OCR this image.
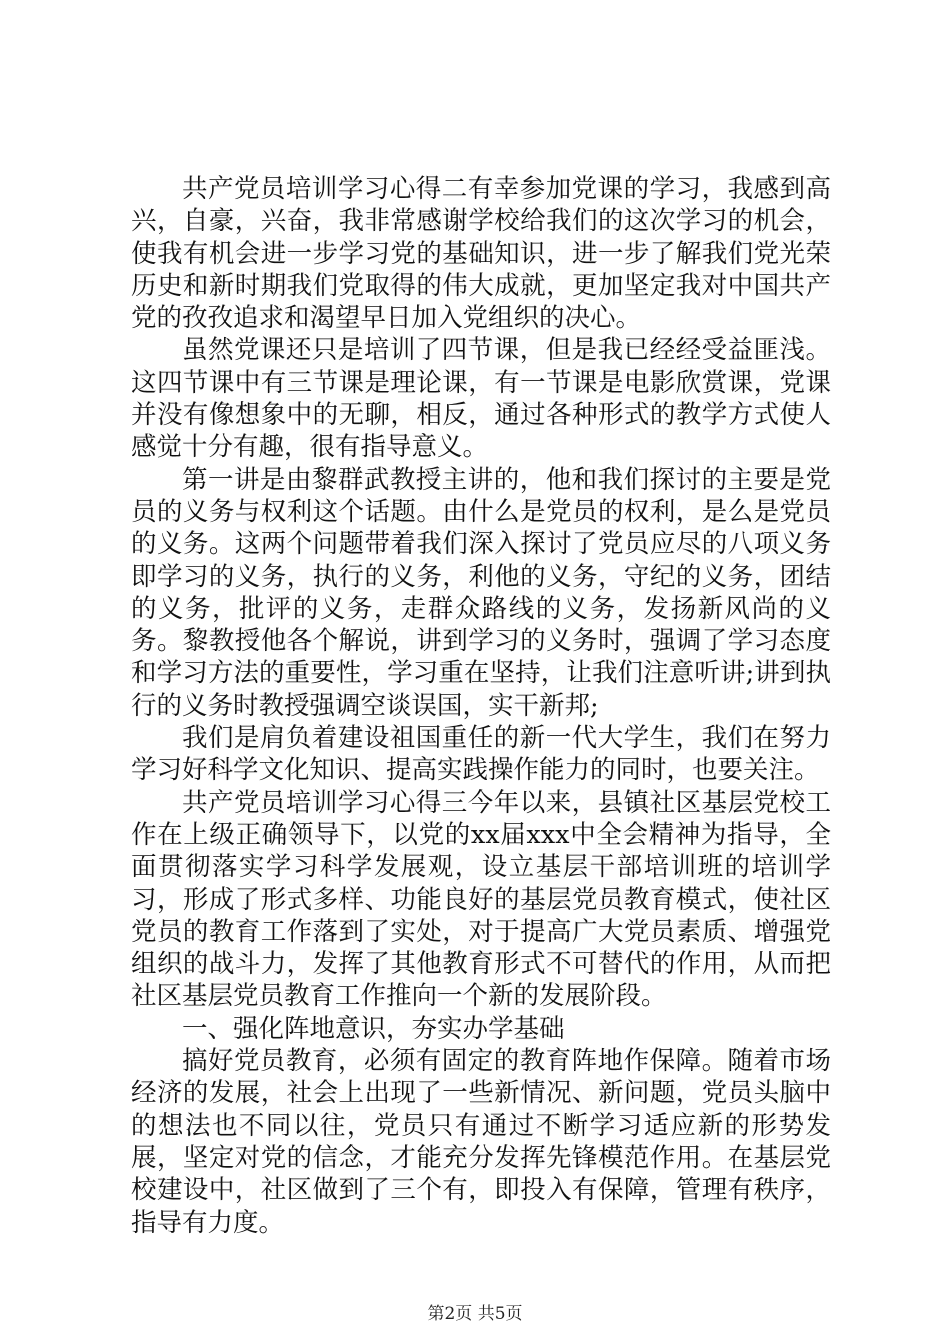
共产党员培训学习心得二有幸参加党课的学习，我感到高兴，自豪，兴奋，我非常感谢学校给我们的这次学习的机会，使我有机会进一步学习党的基础知识，进一步了解我们党光荣历史和新时期我们党取得的伟大成就，更加坚定我对中国共产党的孜孜追求和渴望早日加入党组织的决心。

虽然党课还只是培训了四节课，但是我已经经受益匪浅。这四节课中有三节课是理论课，有一节课是电影欣赏课，党课并没有像想象中的无聊，相反，通过各种形式的教学方式使人感觉十分有趣，很有指导意义。

第一讲是由黎群武教授主讲的，他和我们探讨的主要是党员的义务与权利这个话题。由什么是党员的权利，是么是党员的义务。这两个问题带着我们深入探讨了党员应尽的八项义务即学习的义务，执行的义务，利他的义务，守纪的义务，团结的义务，批评的义务，走群众路线的义务，发扬新风尚的义务。黎教授他各个解说，讲到学习的义务时，强调了学习态度和学习方法的重要性，学习重在坚持，让我们注意听讲;讲到执行的义务时教授强调空谈误国，实干新邦;

我们是肩负着建设祖国重任的新一代大学生，我们在努力学习好科学文化知识、提高实践操作能力的同时，也要关注。

共产党员培训学习心得三今年以来，县镇社区基层党校工作在上级正确领导下，以党的xx届xxx中全会精神为指导，全面贯彻落实学习科学发展观，设立基层干部培训班的培训学习，形成了形式多样、功能良好的基层党员教育模式，使社区党员的教育工作落到了实处，对于提高广大党员素质、增强党组织的战斗力，发挥了其他教育形式不可替代的作用，从而把社区基层党员教育工作推向一个新的发展阶段。

一、强化阵地意识，夯实办学基础

搞好党员教育，必须有固定的教育阵地作保障。随着市场经济的发展，社会上出现了一些新情况、新问题，党员头脑中的想法也不同以往，党员只有通过不断学习适应新的形势发展，坚定对党的信念，才能充分发挥先锋模范作用。在基层党校建设中，社区做到了三个有，即投入有保障，管理有秩序，指导有力度。

第2页 共5页
